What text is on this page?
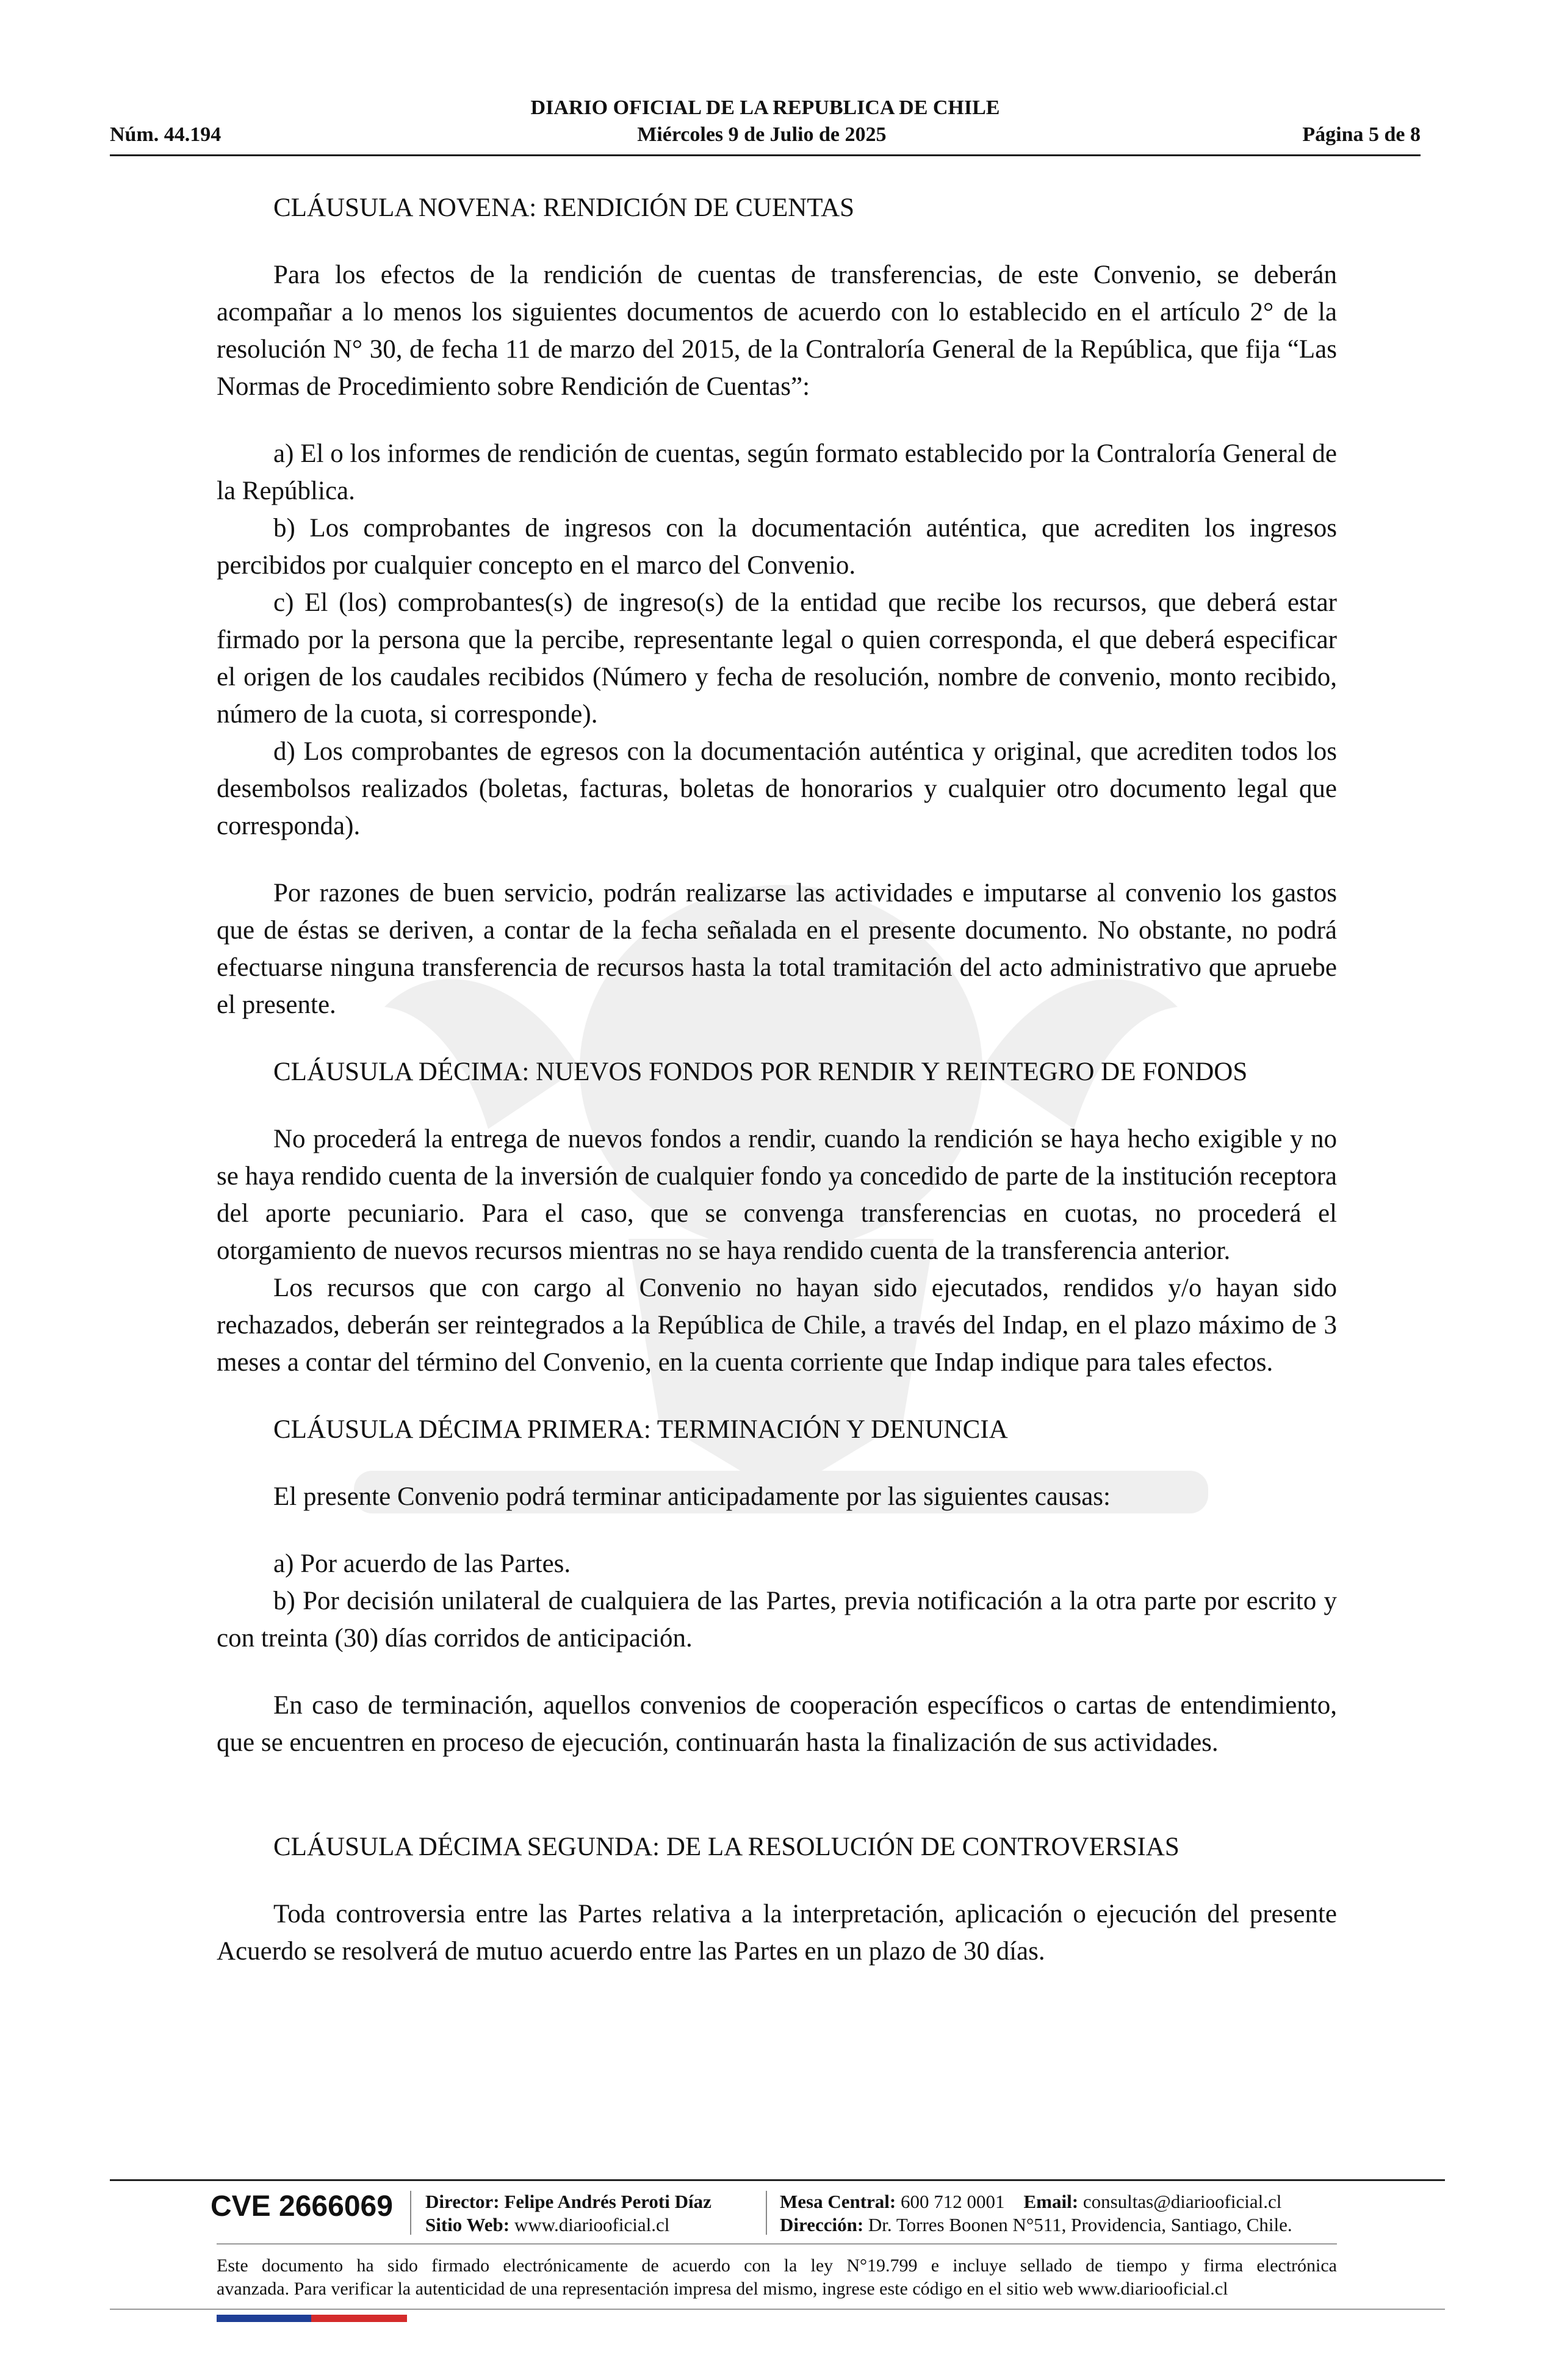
DIARIO OFICIAL DE LA REPUBLICA DE CHILE
Núm. 44.194	Miércoles 9 de Julio de 2025	Página 5 de 8

CLÁUSULA NOVENA: RENDICIÓN DE CUENTAS

Para los efectos de la rendición de cuentas de transferencias, de este Convenio, se deberán acompañar a lo menos los siguientes documentos de acuerdo con lo establecido en el artículo 2° de la resolución N° 30, de fecha 11 de marzo del 2015, de la Contraloría General de la República, que fija “Las Normas de Procedimiento sobre Rendición de Cuentas”:

a) El o los informes de rendición de cuentas, según formato establecido por la Contraloría General de la República.

b) Los comprobantes de ingresos con la documentación auténtica, que acrediten los ingresos percibidos por cualquier concepto en el marco del Convenio.

c) El (los) comprobantes(s) de ingreso(s) de la entidad que recibe los recursos, que deberá estar firmado por la persona que la percibe, representante legal o quien corresponda, el que deberá especificar el origen de los caudales recibidos (Número y fecha de resolución, nombre de convenio, monto recibido, número de la cuota, si corresponde).

d) Los comprobantes de egresos con la documentación auténtica y original, que acrediten todos los desembolsos realizados (boletas, facturas, boletas de honorarios y cualquier otro documento legal que corresponda).

Por razones de buen servicio, podrán realizarse las actividades e imputarse al convenio los gastos que de éstas se deriven, a contar de la fecha señalada en el presente documento. No obstante, no podrá efectuarse ninguna transferencia de recursos hasta la total tramitación del acto administrativo que apruebe el presente.

CLÁUSULA DÉCIMA: NUEVOS FONDOS POR RENDIR Y REINTEGRO DE FONDOS

No procederá la entrega de nuevos fondos a rendir, cuando la rendición se haya hecho exigible y no se haya rendido cuenta de la inversión de cualquier fondo ya concedido de parte de la institución receptora del aporte pecuniario. Para el caso, que se convenga transferencias en cuotas, no procederá el otorgamiento de nuevos recursos mientras no se haya rendido cuenta de la transferencia anterior.

Los recursos que con cargo al Convenio no hayan sido ejecutados, rendidos y/o hayan sido rechazados, deberán ser reintegrados a la República de Chile, a través del Indap, en el plazo máximo de 3 meses a contar del término del Convenio, en la cuenta corriente que Indap indique para tales efectos.

CLÁUSULA DÉCIMA PRIMERA: TERMINACIÓN Y DENUNCIA

El presente Convenio podrá terminar anticipadamente por las siguientes causas:

a) Por acuerdo de las Partes.

b) Por decisión unilateral de cualquiera de las Partes, previa notificación a la otra parte por escrito y con treinta (30) días corridos de anticipación.

En caso de terminación, aquellos convenios de cooperación específicos o cartas de entendimiento, que se encuentren en proceso de ejecución, continuarán hasta la finalización de sus actividades.

CLÁUSULA DÉCIMA SEGUNDA: DE LA RESOLUCIÓN DE CONTROVERSIAS

Toda controversia entre las Partes relativa a la interpretación, aplicación o ejecución del presente Acuerdo se resolverá de mutuo acuerdo entre las Partes en un plazo de 30 días.

CVE 2666069 Director: Felipe Andrés Peroti Díaz
Sitio Web: www.diariooficial.cl
Mesa Central: 600 712 0001 Email: consultas@diariooficial.cl
Dirección: Dr. Torres Boonen N°511, Providencia, Santiago, Chile.
Este documento ha sido firmado electrónicamente de acuerdo con la ley N°19.799 e incluye sellado de tiempo y firma electrónica
avanzada. Para verificar la autenticidad de una representación impresa del mismo, ingrese este código en el sitio web www.diariooficial.cl
